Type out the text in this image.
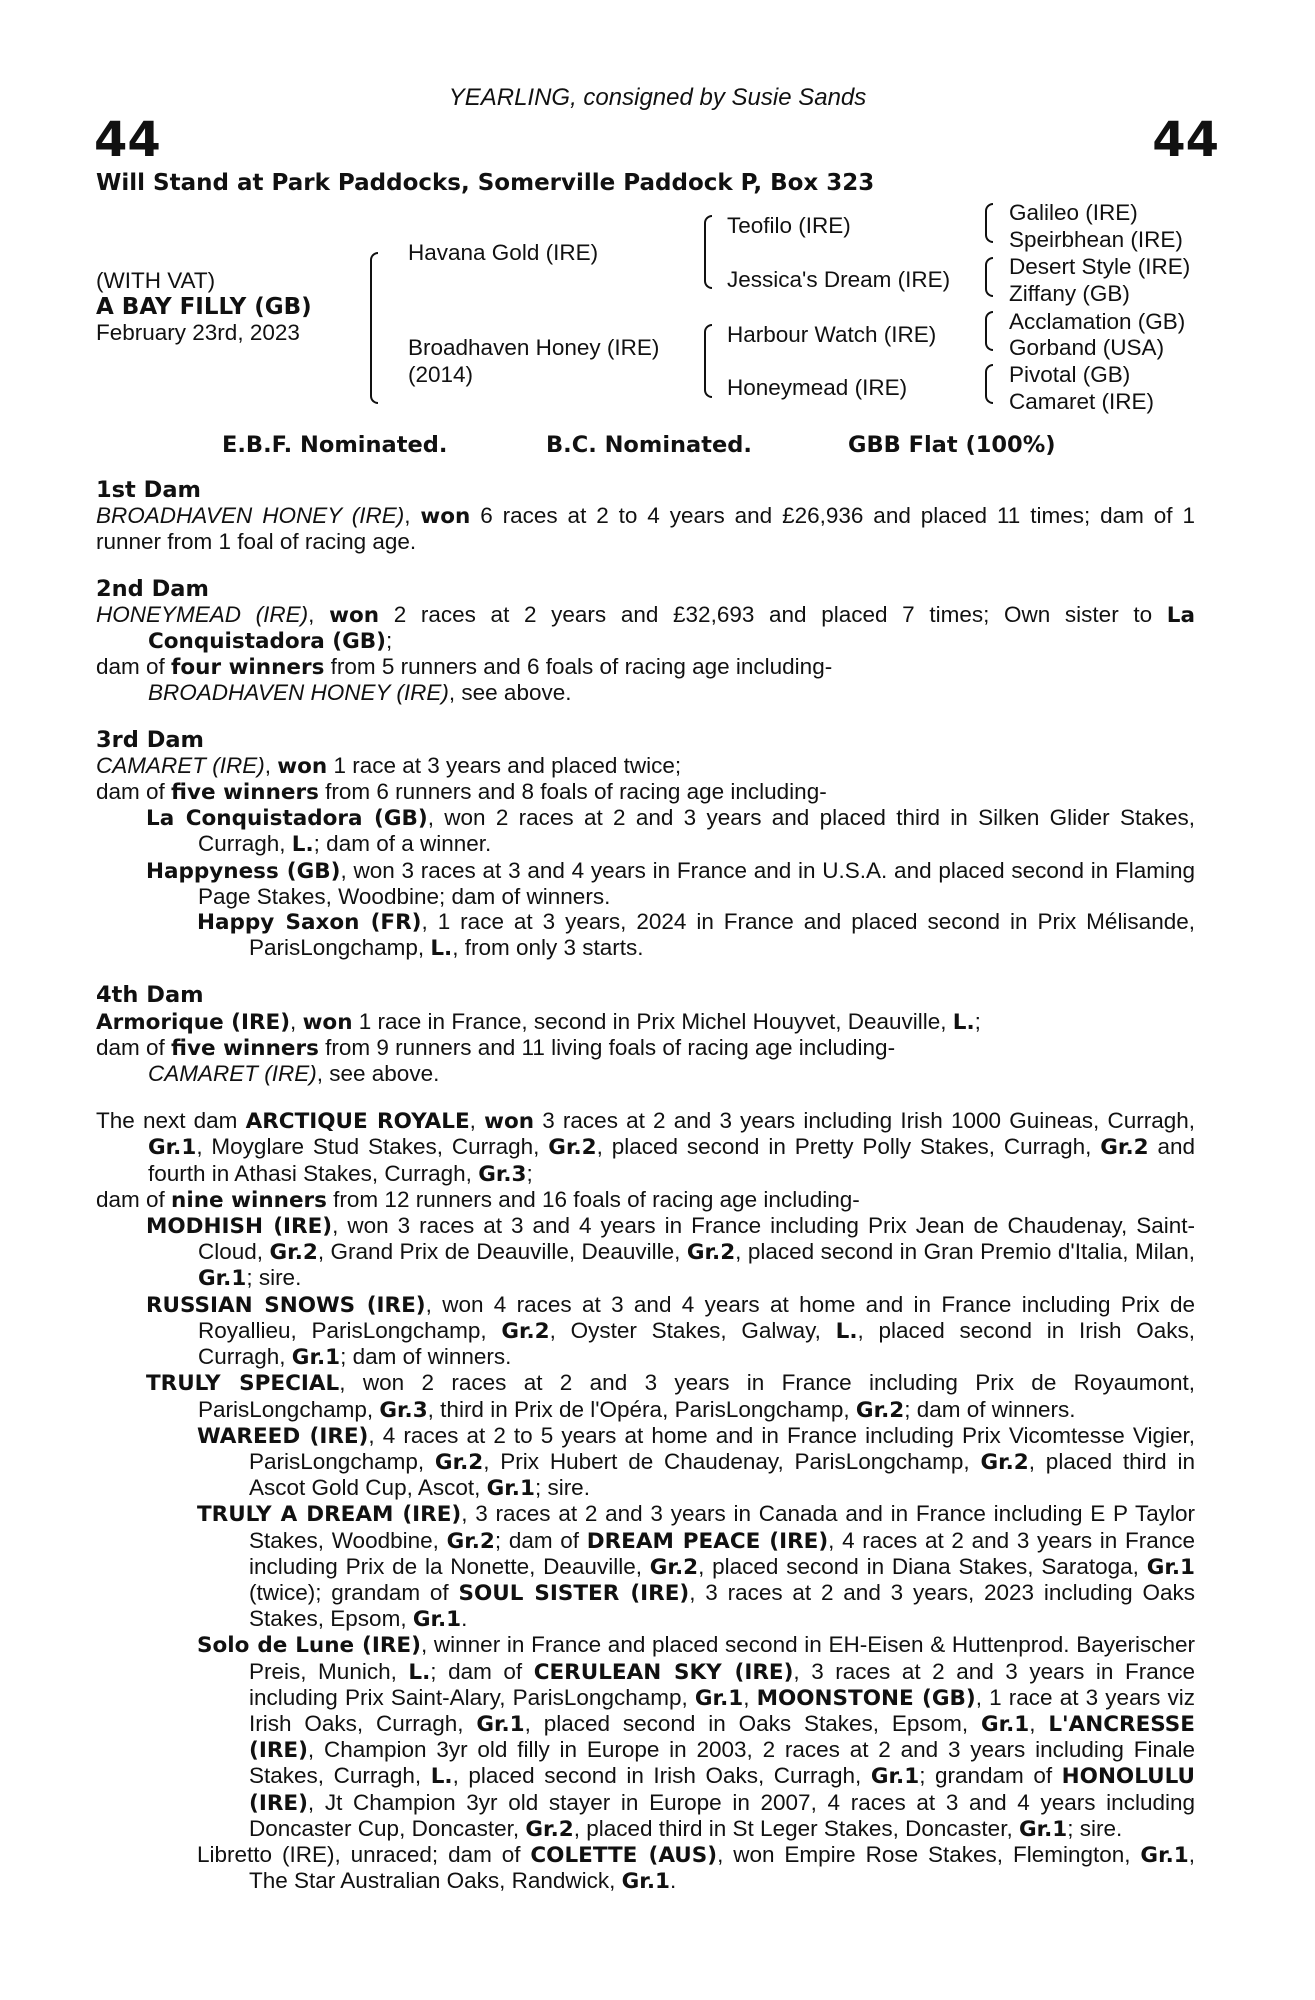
YEARLING, consigned by Susie Sands
44	44
Will Stand at Park Paddocks, Somerville Paddock P, Box 323
(WITH VAT)
A BAY FILLY (GB)
February 23rd, 2023
Havana Gold (IRE)
Broadhaven Honey (IRE)
(2014)
Teofilo (IRE)
Jessica's Dream (IRE)
Harbour Watch (IRE)
Honeymead (IRE)
Galileo (IRE)
Speirbhean (IRE)
Desert Style (IRE)
Ziffany (GB)
Acclamation (GB)
Gorband (USA)
Pivotal (GB)
Camaret (IRE)
E.B.F. Nominated.	B.C. Nominated.	GBB Flat (100%)
1st Dam
BROADHAVEN HONEY (IRE), won 6 races at 2 to 4 years and £26,936 and placed 11 times; dam of 1 runner from 1 foal of racing age.
2nd Dam
HONEYMEAD (IRE), won 2 races at 2 years and £32,693 and placed 7 times; Own sister to La Conquistadora (GB);
dam of four winners from 5 runners and 6 foals of racing age including-
BROADHAVEN HONEY (IRE), see above.
3rd Dam
CAMARET (IRE), won 1 race at 3 years and placed twice;
dam of five winners from 6 runners and 8 foals of racing age including-
La Conquistadora (GB), won 2 races at 2 and 3 years and placed third in Silken Glider Stakes, Curragh, L.; dam of a winner.
Happyness (GB), won 3 races at 3 and 4 years in France and in U.S.A. and placed second in Flaming Page Stakes, Woodbine; dam of winners.
Happy Saxon (FR), 1 race at 3 years, 2024 in France and placed second in Prix Mélisande, ParisLongchamp, L., from only 3 starts.
4th Dam
Armorique (IRE), won 1 race in France, second in Prix Michel Houyvet, Deauville, L.;
dam of five winners from 9 runners and 11 living foals of racing age including-
CAMARET (IRE), see above.
The next dam ARCTIQUE ROYALE, won 3 races at 2 and 3 years including Irish 1000 Guineas, Curragh, Gr.1, Moyglare Stud Stakes, Curragh, Gr.2, placed second in Pretty Polly Stakes, Curragh, Gr.2 and fourth in Athasi Stakes, Curragh, Gr.3;
dam of nine winners from 12 runners and 16 foals of racing age including-
MODHISH (IRE), won 3 races at 3 and 4 years in France including Prix Jean de Chaudenay, Saint-Cloud, Gr.2, Grand Prix de Deauville, Deauville, Gr.2, placed second in Gran Premio d'Italia, Milan, Gr.1; sire.
RUSSIAN SNOWS (IRE), won 4 races at 3 and 4 years at home and in France including Prix de Royallieu, ParisLongchamp, Gr.2, Oyster Stakes, Galway, L., placed second in Irish Oaks, Curragh, Gr.1; dam of winners.
TRULY SPECIAL, won 2 races at 2 and 3 years in France including Prix de Royaumont, ParisLongchamp, Gr.3, third in Prix de l'Opéra, ParisLongchamp, Gr.2; dam of winners.
WAREED (IRE), 4 races at 2 to 5 years at home and in France including Prix Vicomtesse Vigier, ParisLongchamp, Gr.2, Prix Hubert de Chaudenay, ParisLongchamp, Gr.2, placed third in Ascot Gold Cup, Ascot, Gr.1; sire.
TRULY A DREAM (IRE), 3 races at 2 and 3 years in Canada and in France including E P Taylor Stakes, Woodbine, Gr.2; dam of DREAM PEACE (IRE), 4 races at 2 and 3 years in France including Prix de la Nonette, Deauville, Gr.2, placed second in Diana Stakes, Saratoga, Gr.1 (twice); grandam of SOUL SISTER (IRE), 3 races at 2 and 3 years, 2023 including Oaks Stakes, Epsom, Gr.1.
Solo de Lune (IRE), winner in France and placed second in EH-Eisen & Huttenprod. Bayerischer Preis, Munich, L.; dam of CERULEAN SKY (IRE), 3 races at 2 and 3 years in France including Prix Saint-Alary, ParisLongchamp, Gr.1, MOONSTONE (GB), 1 race at 3 years viz Irish Oaks, Curragh, Gr.1, placed second in Oaks Stakes, Epsom, Gr.1, L'ANCRESSE (IRE), Champion 3yr old filly in Europe in 2003, 2 races at 2 and 3 years including Finale Stakes, Curragh, L., placed second in Irish Oaks, Curragh, Gr.1; grandam of HONOLULU (IRE), Jt Champion 3yr old stayer in Europe in 2007, 4 races at 3 and 4 years including Doncaster Cup, Doncaster, Gr.2, placed third in St Leger Stakes, Doncaster, Gr.1; sire.
Libretto (IRE), unraced; dam of COLETTE (AUS), won Empire Rose Stakes, Flemington, Gr.1, The Star Australian Oaks, Randwick, Gr.1.
